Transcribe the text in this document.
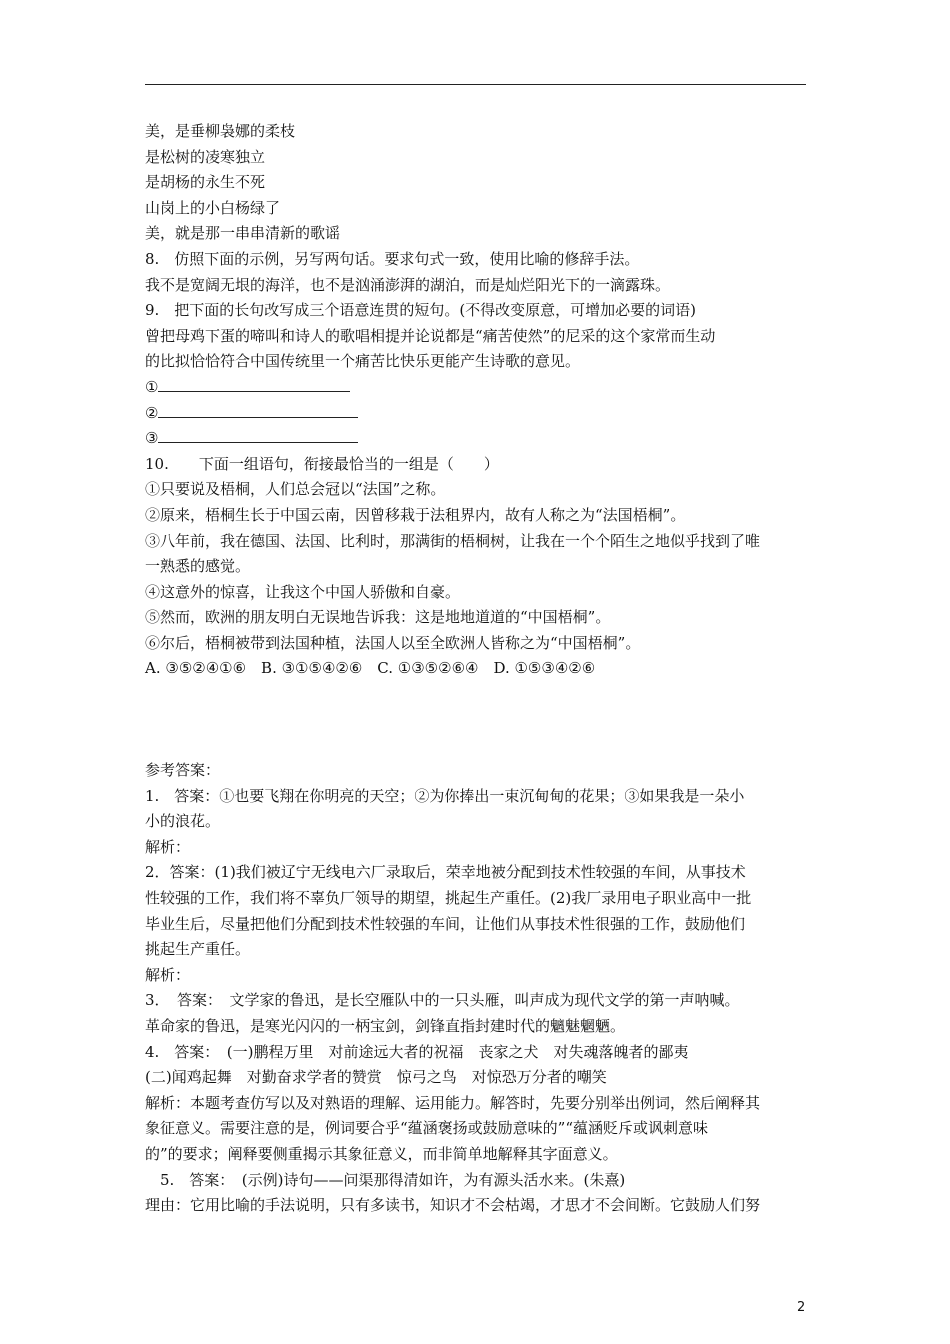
美，是垂柳袅娜的柔枝

是松树的凌寒独立

是胡杨的永生不死

山岗上的小白杨绿了

美，就是那一串串清新的歌谣

8.　仿照下面的示例，另写两句话。要求句式一致，使用比喻的修辞手法。

我不是宽阔无垠的海洋，也不是汹涌澎湃的湖泊，而是灿烂阳光下的一滴露珠。

9.　把下面的长句改写成三个语意连贯的短句。(不得改变原意，可增加必要的词语)

曾把母鸡下蛋的啼叫和诗人的歌唱相提并论说都是“痛苦使然”的尼采的这个家常而生动

的比拟恰恰符合中国传统里一个痛苦比快乐更能产生诗歌的意见。

①

②

③

10.　　下面一组语句，衔接最恰当的一组是（　　）

①只要说及梧桐，人们总会冠以“法国”之称。

②原来，梧桐生长于中国云南，因曾移栽于法租界内，故有人称之为“法国梧桐”。

③八年前，我在德国、法国、比利时，那满街的梧桐树，让我在一个个陌生之地似乎找到了唯

一熟悉的感觉。

④这意外的惊喜，让我这个中国人骄傲和自豪。

⑤然而，欧洲的朋友明白无误地告诉我：这是地地道道的“中国梧桐”。

⑥尔后，梧桐被带到法国种植，法国人以至全欧洲人皆称之为“中国梧桐”。

A. ③⑤②④①⑥　B. ③①⑤④②⑥　C. ①③⑤②⑥④　D. ①⑤③④②⑥

参考答案：

1.　答案：①也要飞翔在你明亮的天空；②为你捧出一束沉甸甸的花果；③如果我是一朵小

小的浪花。

解析：

2．答案：(1)我们被辽宁无线电六厂录取后，荣幸地被分配到技术性较强的车间，从事技术

性较强的工作，我们将不辜负厂领导的期望，挑起生产重任。(2)我厂录用电子职业高中一批

毕业生后，尽量把他们分配到技术性较强的车间，让他们从事技术性很强的工作，鼓励他们

挑起生产重任。

解析：

3．　答案：　文学家的鲁迅，是长空雁队中的一只头雁，叫声成为现代文学的第一声呐喊。

革命家的鲁迅，是寒光闪闪的一柄宝剑，剑锋直指封建时代的魑魅魍魉。

4.　答案：　(一)鹏程万里　对前途远大者的祝福　丧家之犬　对失魂落魄者的鄙夷

(二)闻鸡起舞　对勤奋求学者的赞赏　惊弓之鸟　对惊恐万分者的嘲笑

解析：本题考查仿写以及对熟语的理解、运用能力。解答时，先要分别举出例词，然后阐释其

象征意义。需要注意的是，例词要合乎“蕴涵褒扬或鼓励意味的”“蕴涵贬斥或讽刺意味

的”的要求；阐释要侧重揭示其象征意义，而非简单地解释其字面意义。

　5.　答案：　(示例)诗句——问渠那得清如许，为有源头活水来。(朱熹)

理由：它用比喻的手法说明，只有多读书，知识才不会枯竭，才思才不会间断。它鼓励人们努

2
